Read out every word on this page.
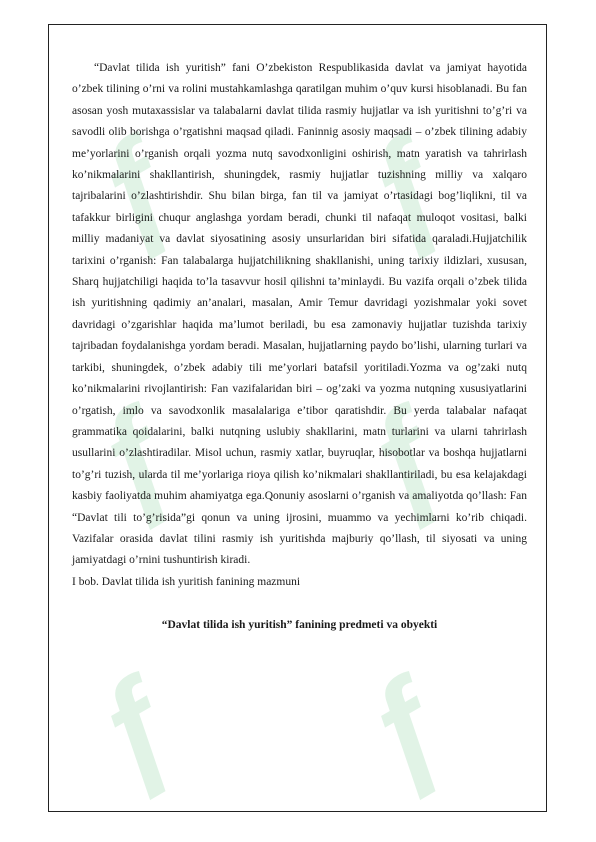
ƒ ƒ
ƒ ƒ
ƒ ƒ

“Davlat tilida ish yuritish” fani O’zbekiston Respublikasida davlat va jamiyat hayotida o’zbek tilining o’rni va rolini mustahkamlashga qaratilgan muhim o’quv kursi hisoblanadi. Bu fan asosan yosh mutaxassislar va talabalarni davlat tilida rasmiy hujjatlar va ish yuritishni to’g’ri va savodli olib borishga o’rgatishni maqsad qiladi. Faninnig asosiy maqsadi – o’zbek tilining adabiy me’yorlarini o’rganish orqali yozma nutq savodxonligini oshirish, matn yaratish va tahrirlash ko’nikmalarini shakllantirish, shuningdek, rasmiy hujjatlar tuzishning milliy va xalqaro tajribalarini o’zlashtirishdir. Shu bilan birga, fan til va jamiyat o’rtasidagi bog’liqlikni, til va tafakkur birligini chuqur anglashga yordam beradi, chunki til nafaqat muloqot vositasi, balki milliy madaniyat va davlat siyosatining asosiy unsurlaridan biri sifatida qaraladi.Hujjatchilik tarixini o’rganish: Fan talabalarga hujjatchilikning shakllanishi, uning tarixiy ildizlari, xususan, Sharq hujjatchiligi haqida to’la tasavvur hosil qilishni ta’minlaydi. Bu vazifa orqali o’zbek tilida ish yuritishning qadimiy an’analari, masalan, Amir Temur davridagi yozishmalar yoki sovet davridagi o’zgarishlar haqida ma’lumot beriladi, bu esa zamonaviy hujjatlar tuzishda tarixiy tajribadan foydalanishga yordam beradi. Masalan, hujjatlarning paydo bo’lishi, ularning turlari va tarkibi, shuningdek, o’zbek adabiy tili me’yorlari batafsil yoritiladi.Yozma va og’zaki nutq ko’nikmalarini rivojlantirish: Fan vazifalaridan biri – og’zaki va yozma nutqning xususiyatlarini o’rgatish, imlo va savodxonlik masalalariga e’tibor qaratishdir. Bu yerda talabalar nafaqat grammatika qoidalarini, balki nutqning uslubiy shakllarini, matn turlarini va ularni tahrirlash usullarini o’zlashtiradilar. Misol uchun, rasmiy xatlar, buyruqlar, hisobotlar va boshqa hujjatlarni to’g’ri tuzish, ularda til me’yorlariga rioya qilish ko’nikmalari shakllantiriladi, bu esa kelajakdagi kasbiy faoliyatda muhim ahamiyatga ega.Qonuniy asoslarni o’rganish va amaliyotda qo’llash: Fan “Davlat tili to’g’risida”gi qonun va uning ijrosini, muammo va yechimlarni ko’rib chiqadi. Vazifalar orasida davlat tilini rasmiy ish yuritishda majburiy qo’llash, til siyosati va uning jamiyatdagi o’rnini tushuntirish kiradi.

I bob. Davlat tilida ish yuritish fanining mazmuni

“Davlat tilida ish yuritish” fanining predmeti va obyekti
